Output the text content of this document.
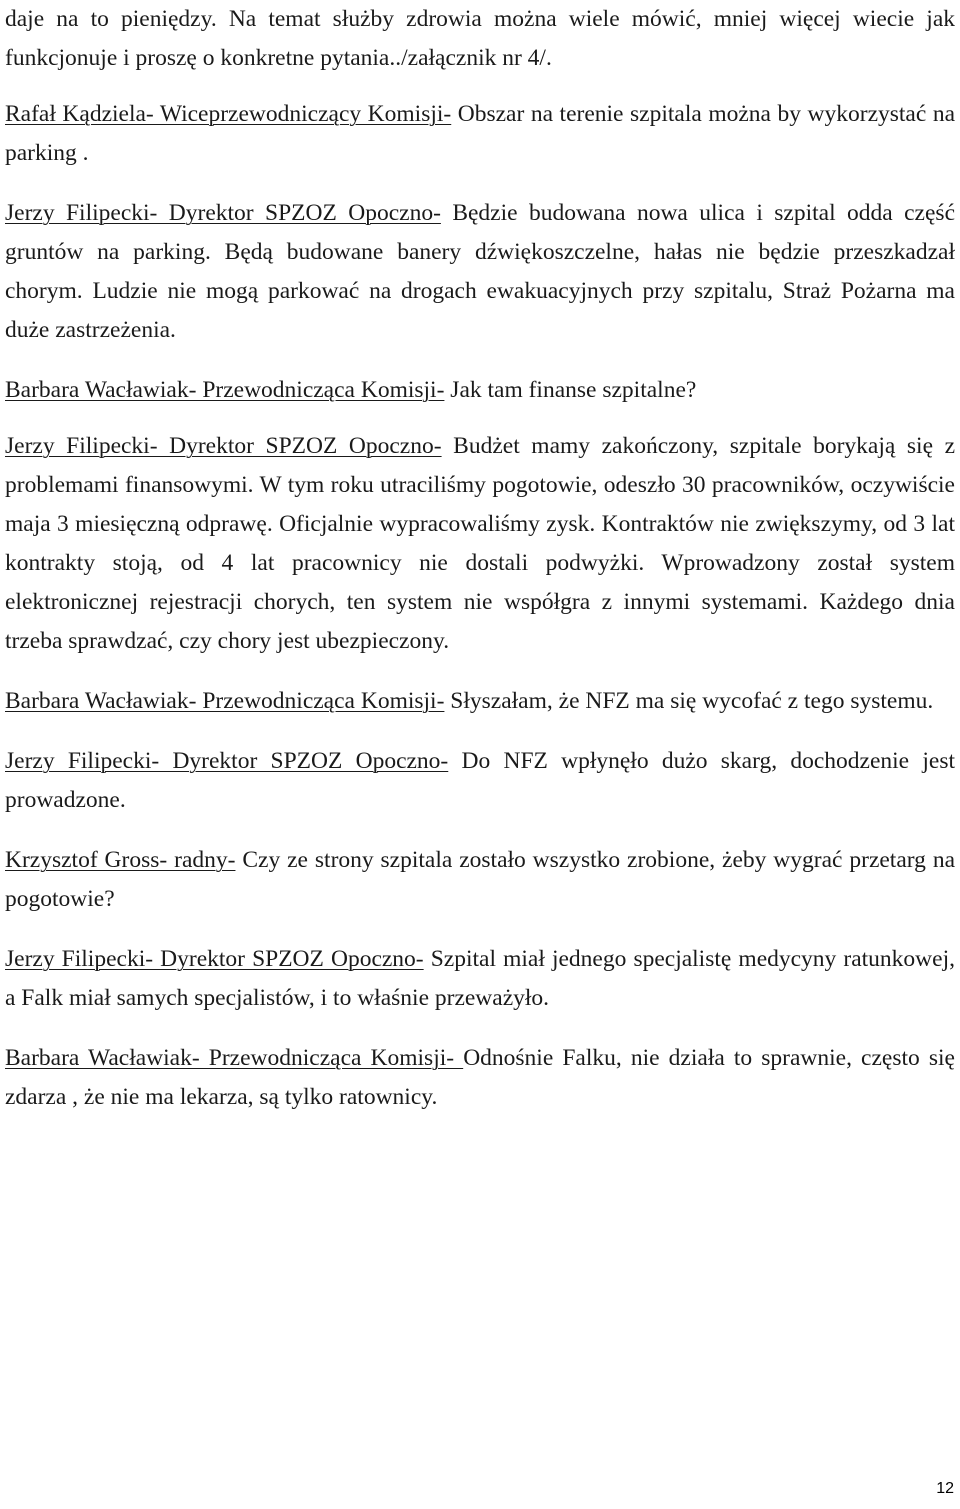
daje na to pieniędzy. Na temat służby zdrowia można wiele mówić, mniej więcej wiecie jak funkcjonuje i proszę o konkretne pytania../załącznik nr 4/.

Rafał Kądziela- Wiceprzewodniczący Komisji- Obszar na terenie szpitala można by wykorzystać na parking .

Jerzy Filipecki- Dyrektor SPZOZ Opoczno- Będzie budowana nowa ulica i szpital odda część gruntów na parking. Będą budowane banery dźwiękoszczelne, hałas nie będzie przeszkadzał chorym. Ludzie nie mogą parkować na drogach ewakuacyjnych przy szpitalu, Straż Pożarna ma duże zastrzeżenia.

Barbara Wacławiak- Przewodnicząca Komisji- Jak tam finanse szpitalne?

Jerzy Filipecki- Dyrektor SPZOZ Opoczno- Budżet mamy zakończony, szpitale borykają się z problemami finansowymi. W tym roku utraciliśmy pogotowie, odeszło 30 pracowników, oczywiście maja 3 miesięczną odprawę. Oficjalnie wypracowaliśmy zysk. Kontraktów nie zwiększymy, od 3 lat kontrakty stoją, od 4 lat pracownicy nie dostali podwyżki. Wprowadzony został system elektronicznej rejestracji chorych, ten system nie współgra z innymi systemami. Każdego dnia trzeba sprawdzać, czy chory jest ubezpieczony.

Barbara Wacławiak- Przewodnicząca Komisji- Słyszałam, że NFZ ma się wycofać z tego systemu.

Jerzy Filipecki- Dyrektor SPZOZ Opoczno- Do NFZ wpłynęło dużo skarg, dochodzenie jest prowadzone.

Krzysztof Gross- radny- Czy ze strony szpitala zostało wszystko zrobione, żeby wygrać przetarg na pogotowie?

Jerzy Filipecki- Dyrektor SPZOZ Opoczno- Szpital miał jednego specjalistę medycyny ratunkowej, a Falk miał samych specjalistów, i to właśnie przeważyło.

Barbara Wacławiak- Przewodnicząca Komisji- Odnośnie Falku, nie działa to sprawnie, często się zdarza , że nie ma lekarza, są tylko ratownicy.

12
